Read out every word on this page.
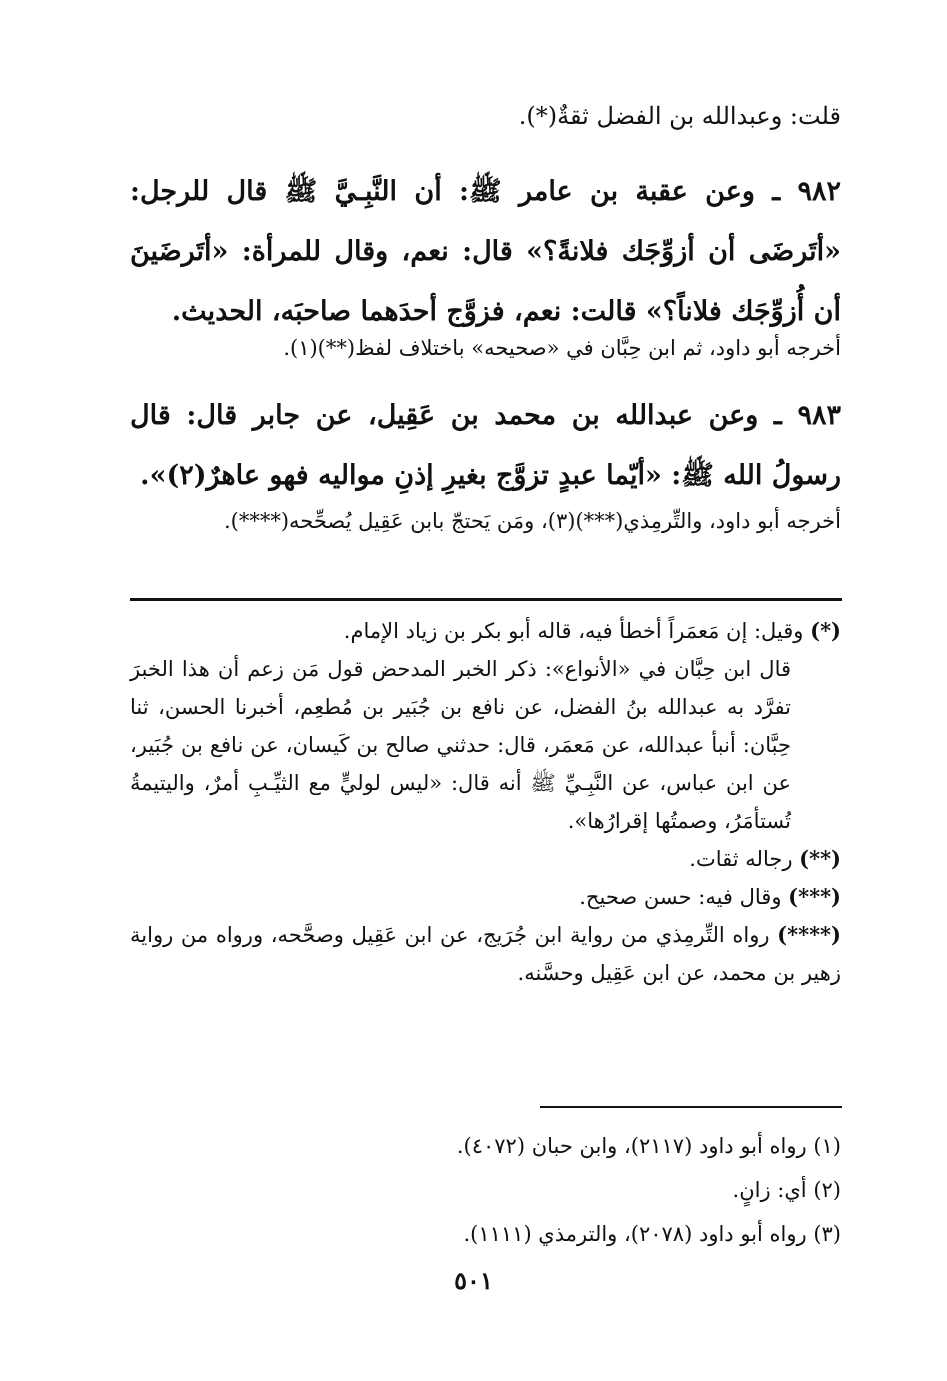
قلت: وعبدالله بن الفضل ثقةٌ(*).

٩٨٢ ـ وعن عقبة بن عامر ﷺ: أن النَّبِـيَّ ﷺ قال للرجل: «أتَرضَى أن أزوِّجَك فلانةً؟» قال: نعم، وقال للمرأة: «أتَرضَينَ أن أُزوِّجَك فلاناً؟» قالت: نعم، فزوَّج أحدَهما صاحبَه، الحديث.

أخرجه أبو داود، ثم ابن حِبَّان في «صحيحه» باختلاف لفظ(**)(١).

٩٨٣ ـ وعن عبدالله بن محمد بن عَقِيل، عن جابر قال: قال رسولُ الله ﷺ: «أيّما عبدٍ تزوَّج بغيرِ إذنِ مواليه فهو عاهرٌ(٢)».

أخرجه أبو داود، والتِّرمِذي(***)(٣)، ومَن يَحتجّ بابن عَقِيل يُصحِّحه(****).

(*) وقيل: إن مَعمَراً أخطأ فيه، قاله أبو بكر بن زياد الإمام.

قال ابن حِبَّان في «الأنواع»: ذكر الخبر المدحض قول مَن زعم أن هذا الخبرَ تفرَّد به عبدالله بنُ الفضل، عن نافع بن جُبَير بن مُطعِم، أخبرنا الحسن، ثنا حِبَّان: أنبأ عبدالله، عن مَعمَر، قال: حدثني صالح بن كَيسان، عن نافع بن جُبَير، عن ابن عباس، عن النَّبِـيِّ ﷺ أنه قال: «ليس لوليٍّ مع الثيِّـبِ أمرٌ، واليتيمةُ تُستأمَرُ، وصمتُها إقرارُها».

(**) رجاله ثقات.

(***) وقال فيه: حسن صحيح.

(****) رواه التِّرمِذي من رواية ابن جُرَيج، عن ابن عَقِيل وصحَّحه، ورواه من رواية زهير بن محمد، عن ابن عَقِيل وحسَّنه.

(١) رواه أبو داود (٢١١٧)، وابن حبان (٤٠٧٢).

(٢) أي: زانٍ.

(٣) رواه أبو داود (٢٠٧٨)، والترمذي (١١١١).

٥٠١
